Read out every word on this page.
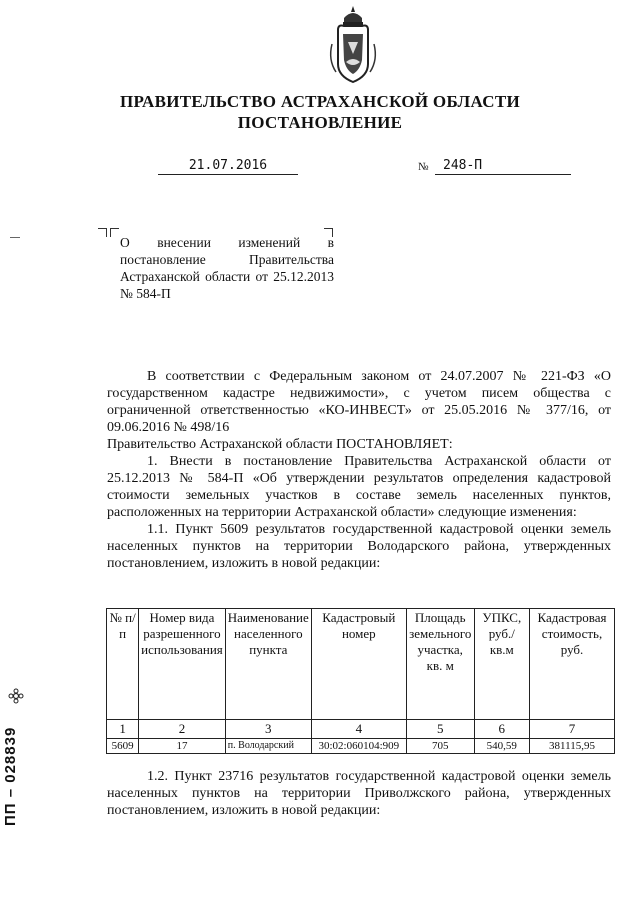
ПРАВИТЕЛЬСТВО АСТРАХАНСКОЙ ОБЛАСТИ
ПОСТАНОВЛЕНИЕ
21.07.2016	№	248-П
О внесении изменений в постановление Правительства Астраханской области от 25.12.2013 № 584-П

В соответствии с Федеральным законом от 24.07.2007 № 221-ФЗ «О государственном кадастре недвижимости», с учетом писем общества с ограниченной ответственностью «КО-ИНВЕСТ» от 25.05.2016 № 377/16, от 09.06.2016 № 498/16

Правительство Астраханской области ПОСТАНОВЛЯЕТ:

1. Внести в постановление Правительства Астраханской области от 25.12.2013 № 584-П «Об утверждении результатов определения кадастровой стоимости земельных участков в составе земель населенных пунктов, расположенных на территории Астраханской области» следующие изменения:

1.1. Пункт 5609 результатов государственной кадастровой оценки земель населенных пунктов на территории Володарского района, утвержденных постановлением, изложить в новой редакции:

№ п/п	Номер вида разрешенного использования	Наименование населенного пункта	Кадастровый номер	Площадь земельного участка, кв. м	УПКС, руб./ кв.м	Кадастровая стоимость, руб.
1	2	3	4	5	6	7
5609	17	п. Володарский	30:02:060104:909	705	540,59	381115,95

1.2. Пункт 23716 результатов государственной кадастровой оценки земель населенных пунктов на территории Приволжского района, утвержденных постановлением, изложить в новой редакции:

ПП – 028839
